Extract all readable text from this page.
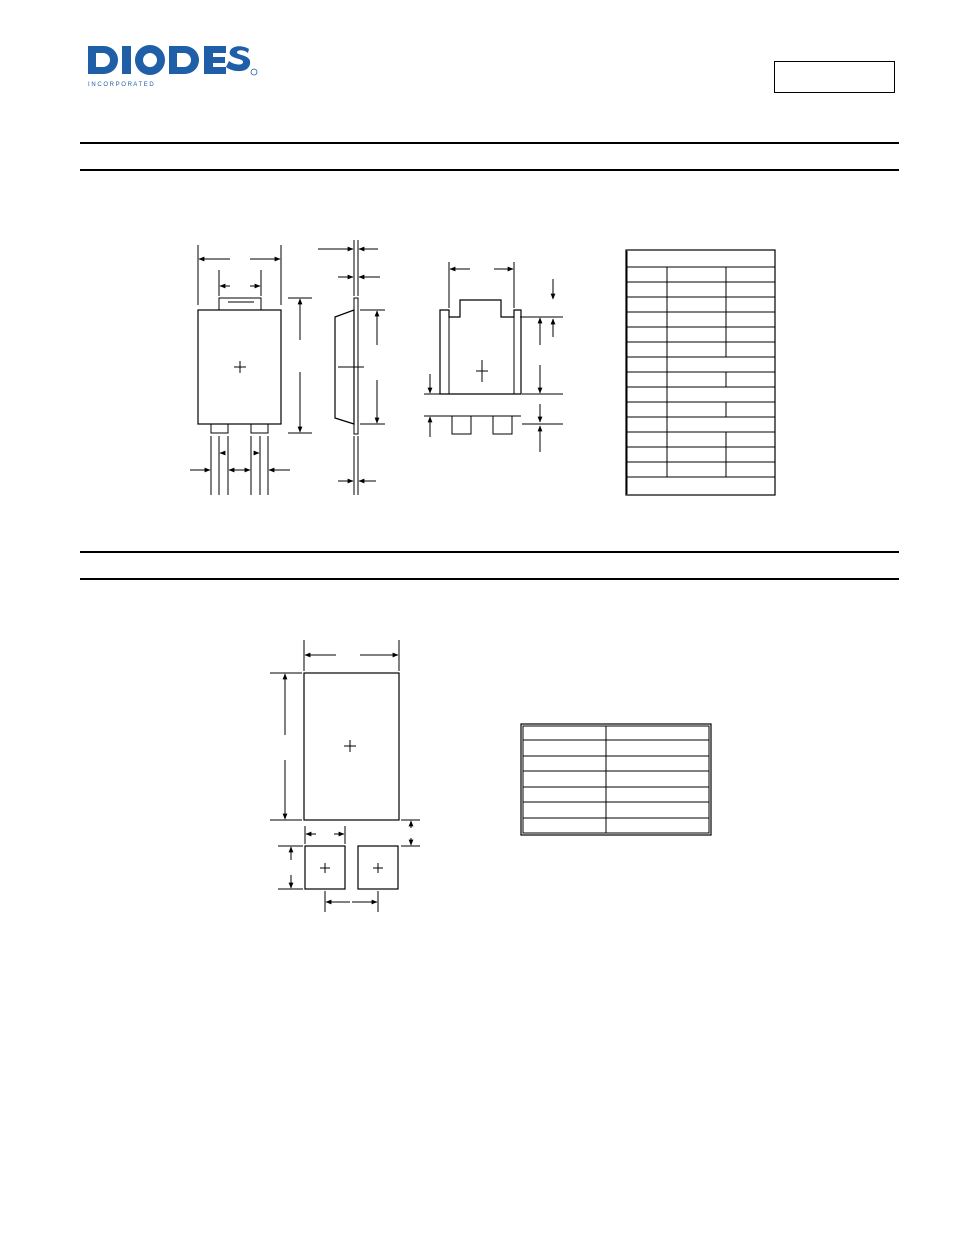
I N C O R P O R A T E D
